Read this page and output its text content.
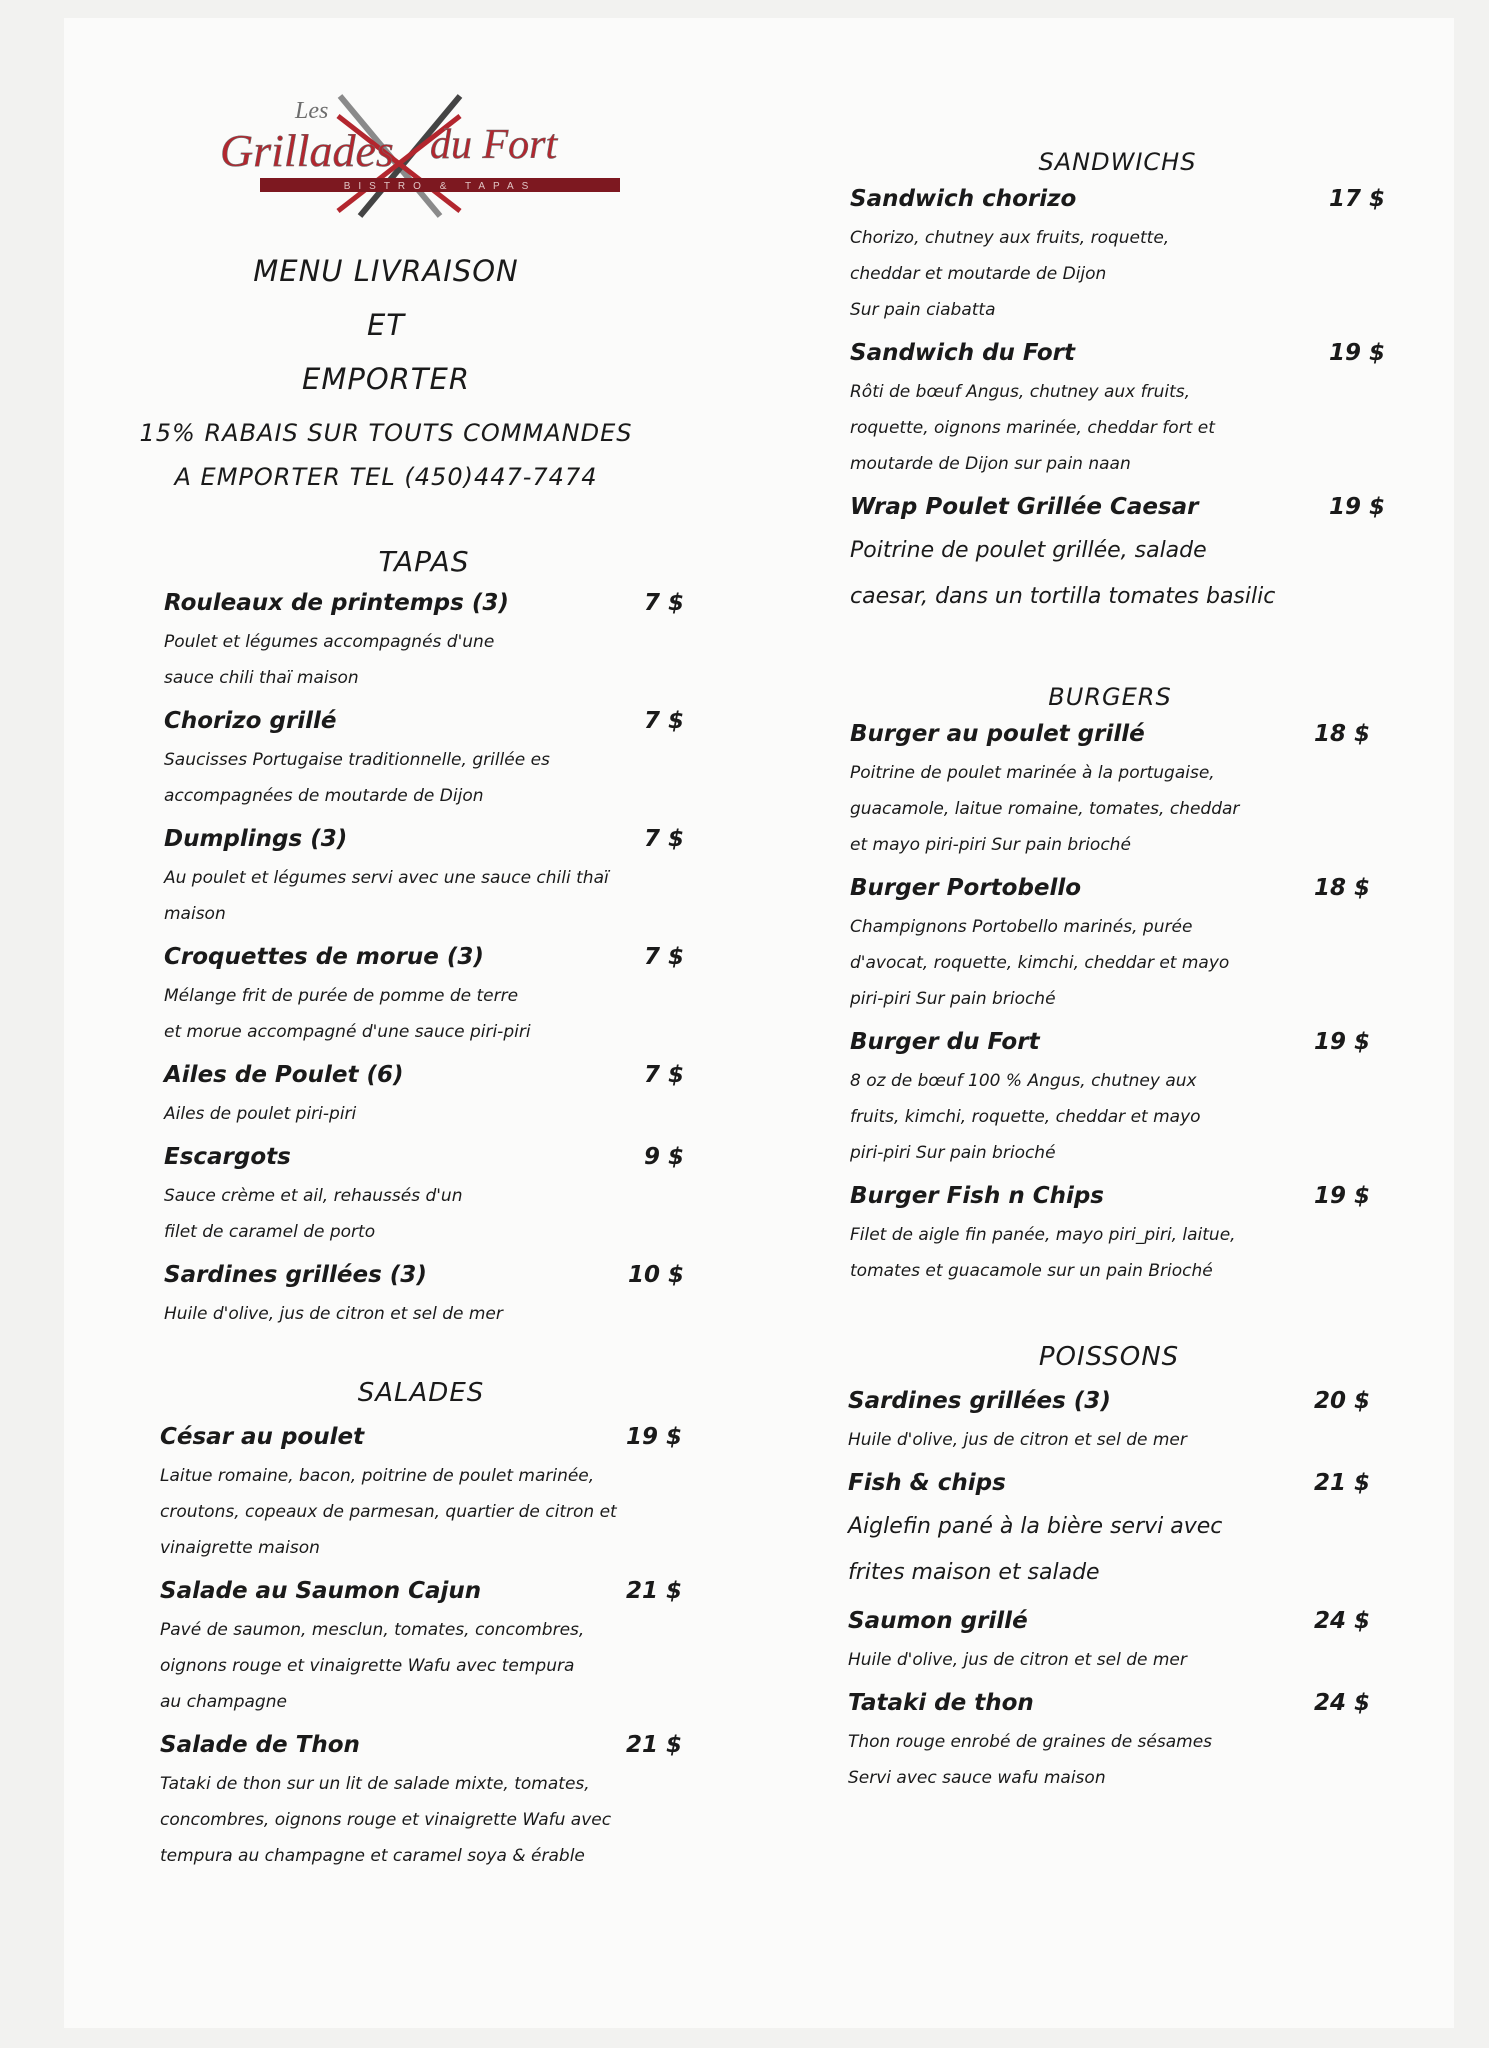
BISTRO & TAPAS
Les
Grillades du Fort
MENU LIVRAISON
ET
EMPORTER
15% RABAIS SUR TOUTS COMMANDES
A EMPORTER TEL (450)447-7474
TAPAS
Rouleaux de printemps (3)	7 $
Poulet et légumes accompagnés d'une
sauce chili thaï maison
Chorizo grillé	7 $
Saucisses Portugaise traditionnelle, grillée es
accompagnées de moutarde de Dijon
Dumplings (3)	7 $
Au poulet et légumes servi avec une sauce chili thaï
maison
Croquettes de morue (3)	7 $
Mélange frit de purée de pomme de terre
et morue accompagné d'une sauce piri-piri
Ailes de Poulet (6)	7 $
Ailes de poulet piri-piri
Escargots	9 $
Sauce crème et ail, rehaussés d'un
filet de caramel de porto
Sardines grillées (3)	10 $
Huile d'olive, jus de citron et sel de mer
SALADES
César au poulet	19 $
Laitue romaine, bacon, poitrine de poulet marinée,
croutons, copeaux de parmesan, quartier de citron et
vinaigrette maison
Salade au Saumon Cajun	21 $
Pavé de saumon, mesclun, tomates, concombres,
oignons rouge et vinaigrette Wafu avec tempura
au champagne
Salade de Thon	21 $
Tataki de thon sur un lit de salade mixte, tomates,
concombres, oignons rouge et vinaigrette Wafu avec
tempura au champagne et caramel soya & érable
SANDWICHS
Sandwich chorizo	17 $
Chorizo, chutney aux fruits, roquette,
cheddar et moutarde de Dijon
Sur pain ciabatta
Sandwich du Fort	19 $
Rôti de bœuf Angus, chutney aux fruits,
roquette, oignons marinée, cheddar fort et
moutarde de Dijon sur pain naan
Wrap Poulet Grillée Caesar	19 $
Poitrine de poulet grillée, salade
caesar, dans un tortilla tomates basilic
BURGERS
Burger au poulet grillé	18 $
Poitrine de poulet marinée à la portugaise,
guacamole, laitue romaine, tomates, cheddar
et mayo piri-piri Sur pain brioché
Burger Portobello	18 $
Champignons Portobello marinés, purée
d'avocat, roquette, kimchi, cheddar et mayo
piri-piri Sur pain brioché
Burger du Fort	19 $
8 oz de bœuf 100 % Angus, chutney aux
fruits, kimchi, roquette, cheddar et mayo
piri-piri Sur pain brioché
Burger Fish n Chips	19 $
Filet de aigle fin panée, mayo piri_piri, laitue,
tomates et guacamole sur un pain Brioché
POISSONS
Sardines grillées (3)	20 $
Huile d'olive, jus de citron et sel de mer
Fish & chips	21 $
Aiglefin pané à la bière servi avec
frites maison et salade
Saumon grillé	24 $
Huile d'olive, jus de citron et sel de mer
Tataki de thon	24 $
Thon rouge enrobé de graines de sésames
Servi avec sauce wafu maison
